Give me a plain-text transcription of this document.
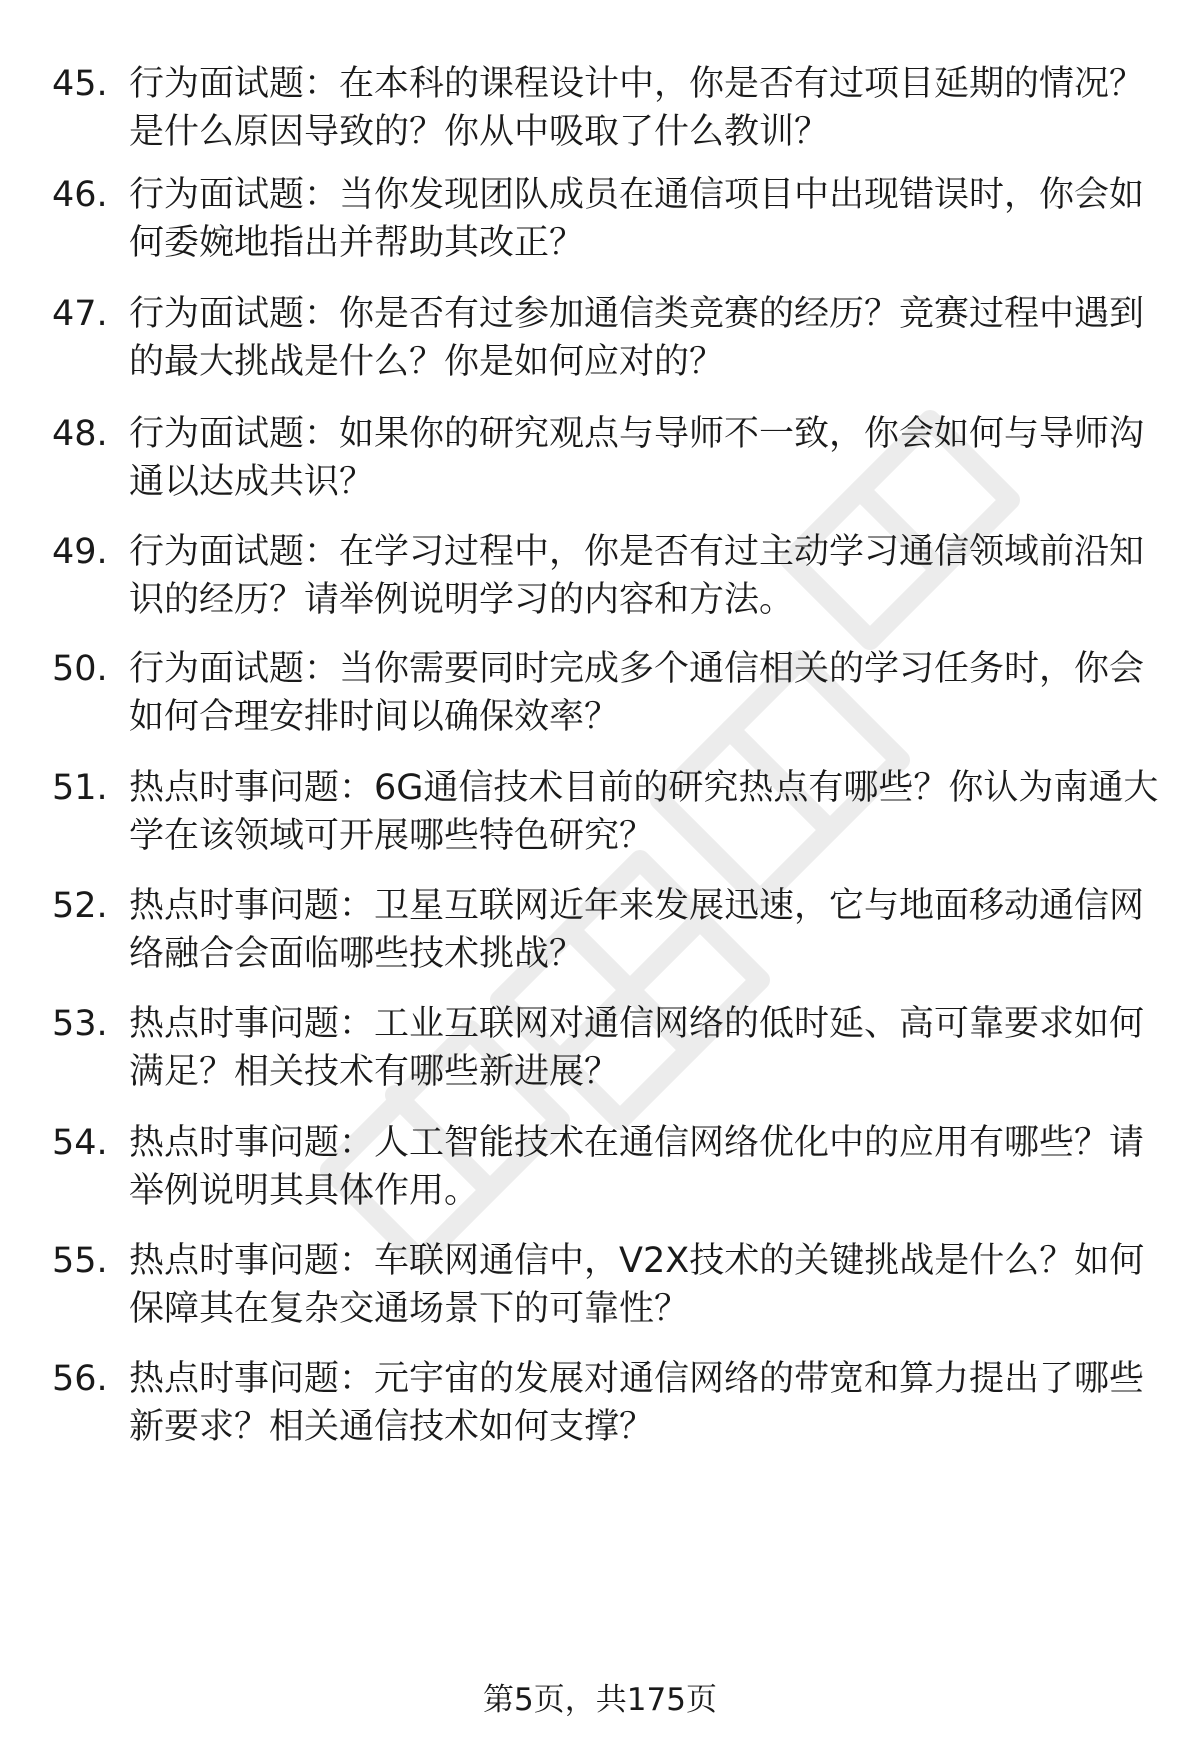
45. 行为面试题：在本科的课程设计中，你是否有过项目延期的情况？是什么原因导致的？你从中吸取了什么教训？
46. 行为面试题：当你发现团队成员在通信项目中出现错误时，你会如何委婉地指出并帮助其改正？
47. 行为面试题：你是否有过参加通信类竞赛的经历？竞赛过程中遇到的最大挑战是什么？你是如何应对的？
48. 行为面试题：如果你的研究观点与导师不一致，你会如何与导师沟通以达成共识？
49. 行为面试题：在学习过程中，你是否有过主动学习通信领域前沿知识的经历？请举例说明学习的内容和方法。
50. 行为面试题：当你需要同时完成多个通信相关的学习任务时，你会如何合理安排时间以确保效率？
51. 热点时事问题：6G通信技术目前的研究热点有哪些？你认为南通大学在该领域可开展哪些特色研究？
52. 热点时事问题：卫星互联网近年来发展迅速，它与地面移动通信网络融合会面临哪些技术挑战？
53. 热点时事问题：工业互联网对通信网络的低时延、高可靠要求如何满足？相关技术有哪些新进展？
54. 热点时事问题：人工智能技术在通信网络优化中的应用有哪些？请举例说明其具体作用。
55. 热点时事问题：车联网通信中，V2X技术的关键挑战是什么？如何保障其在复杂交通场景下的可靠性？
56. 热点时事问题：元宇宙的发展对通信网络的带宽和算力提出了哪些新要求？相关通信技术如何支撑？
第5页，共175页
